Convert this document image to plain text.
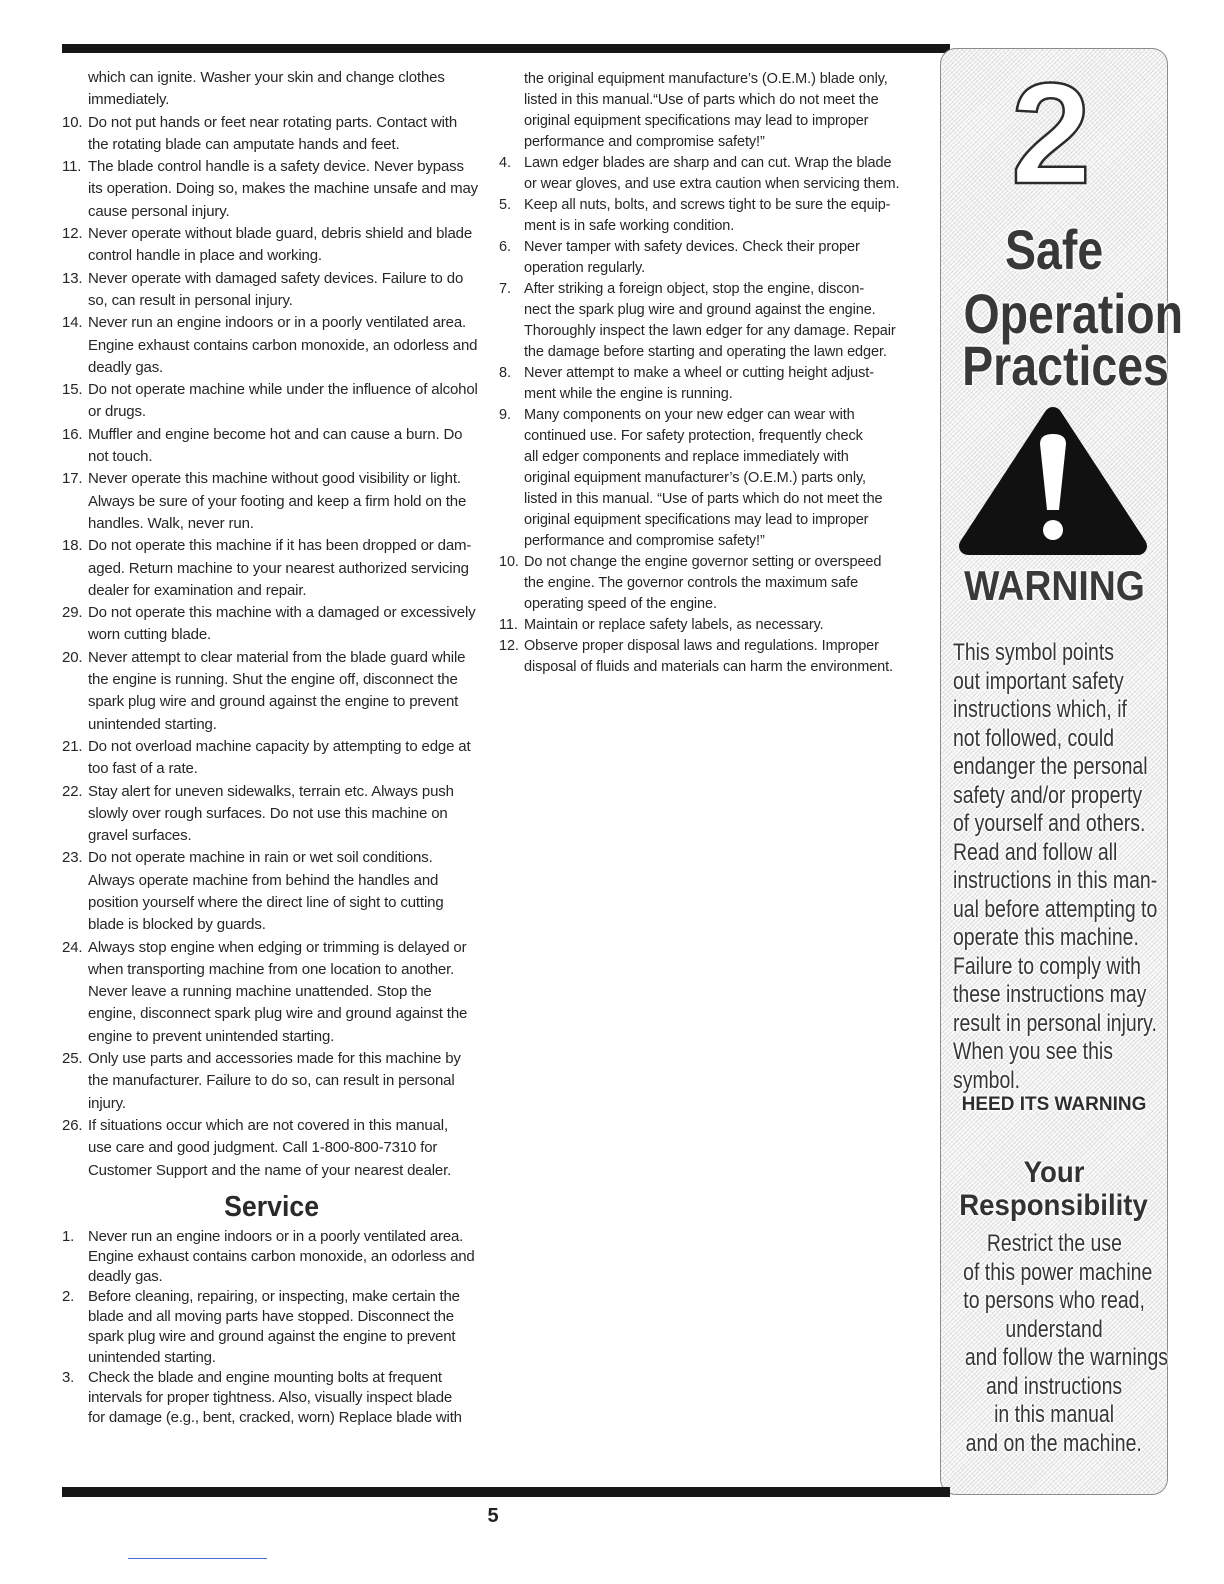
which can ignite. Washer your skin and change clothes
immediately.
10. Do not put hands or feet near rotating parts. Contact with
the rotating blade can amputate hands and feet.
11. The blade control handle is a safety device. Never bypass
its operation. Doing so, makes the machine unsafe and may
cause personal injury.
12. Never operate without blade guard, debris shield and blade
control handle in place and working.
13. Never operate with damaged safety devices. Failure to do
so, can result in personal injury.
14. Never run an engine indoors or in a poorly ventilated area.
Engine exhaust contains carbon monoxide, an odorless and
deadly gas.
15. Do not operate machine while under the influence of alcohol
or drugs.
16. Muffler and engine become hot and can cause a burn. Do
not touch.
17. Never operate this machine without good visibility or light.
Always be sure of your footing and keep a firm hold on the
handles. Walk, never run.
18. Do not operate this machine if it has been dropped or dam-
aged. Return machine to your nearest authorized servicing
dealer for examination and repair.
29. Do not operate this machine with a damaged or excessively
worn cutting blade.
20. Never attempt to clear material from the blade guard while
the engine is running. Shut the engine off, disconnect the
spark plug wire and ground against the engine to prevent
unintended starting.
21. Do not overload machine capacity by attempting to edge at
too fast of a rate.
22. Stay alert for uneven sidewalks, terrain etc. Always push
slowly over rough surfaces. Do not use this machine on
gravel surfaces.
23. Do not operate machine in rain or wet soil conditions.
Always operate machine from behind the handles and
position yourself where the direct line of sight to cutting
blade is blocked by guards.
24. Always stop engine when edging or trimming is delayed or
when transporting machine from one location to another.
Never leave a running machine unattended. Stop the
engine, disconnect spark plug wire and ground against the
engine to prevent unintended starting.
25. Only use parts and accessories made for this machine by
the manufacturer. Failure to do so, can result in personal
injury.
26. If situations occur which are not covered in this manual,
use care and good judgment. Call 1-800-800-7310 for
Customer Support and the name of your nearest dealer.
Service
1. Never run an engine indoors or in a poorly ventilated area.
Engine exhaust contains carbon monoxide, an odorless and
deadly gas.
2. Before cleaning, repairing, or inspecting, make certain the
blade and all moving parts have stopped. Disconnect the
spark plug wire and ground against the engine to prevent
unintended starting.
3. Check the blade and engine mounting bolts at frequent
intervals for proper tightness. Also, visually inspect blade
for damage (e.g., bent, cracked, worn) Replace blade with
the original equipment manufacture’s (O.E.M.) blade only,
listed in this manual.“Use of parts which do not meet the
original equipment specifications may lead to improper
performance and compromise safety!”
4. Lawn edger blades are sharp and can cut. Wrap the blade
or wear gloves, and use extra caution when servicing them.
5. Keep all nuts, bolts, and screws tight to be sure the equip-
ment is in safe working condition.
6. Never tamper with safety devices. Check their proper
operation regularly.
7. After striking a foreign object, stop the engine, discon-
nect the spark plug wire and ground against the engine.
Thoroughly inspect the lawn edger for any damage. Repair
the damage before starting and operating the lawn edger.
8. Never attempt to make a wheel or cutting height adjust-
ment while the engine is running.
9. Many components on your new edger can wear with
continued use. For safety protection, frequently check
all edger components and replace immediately with
original equipment manufacturer’s (O.E.M.) parts only,
listed in this manual. “Use of parts which do not meet the
original equipment specifications may lead to improper
performance and compromise safety!”
10. Do not change the engine governor setting or overspeed
the engine. The governor controls the maximum safe
operating speed of the engine.
11. Maintain or replace safety labels, as necessary.
12. Observe proper disposal laws and regulations. Improper
disposal of fluids and materials can harm the environment.
2
Safe
Operation
Practices
WARNING
This symbol points
out important safety
instructions which, if
not followed, could
endanger the personal
safety and/or property
of yourself and others.
Read and follow all
instructions in this man-
ual before attempting to
operate this machine.
Failure to comply with
these instructions may
result in personal injury.
When you see this
symbol.
HEED ITS WARNING
Your
Responsibility
Restrict the use
of this power machine
to persons who read,
understand
and follow the warnings
and instructions
in this manual
and on the machine.
5
